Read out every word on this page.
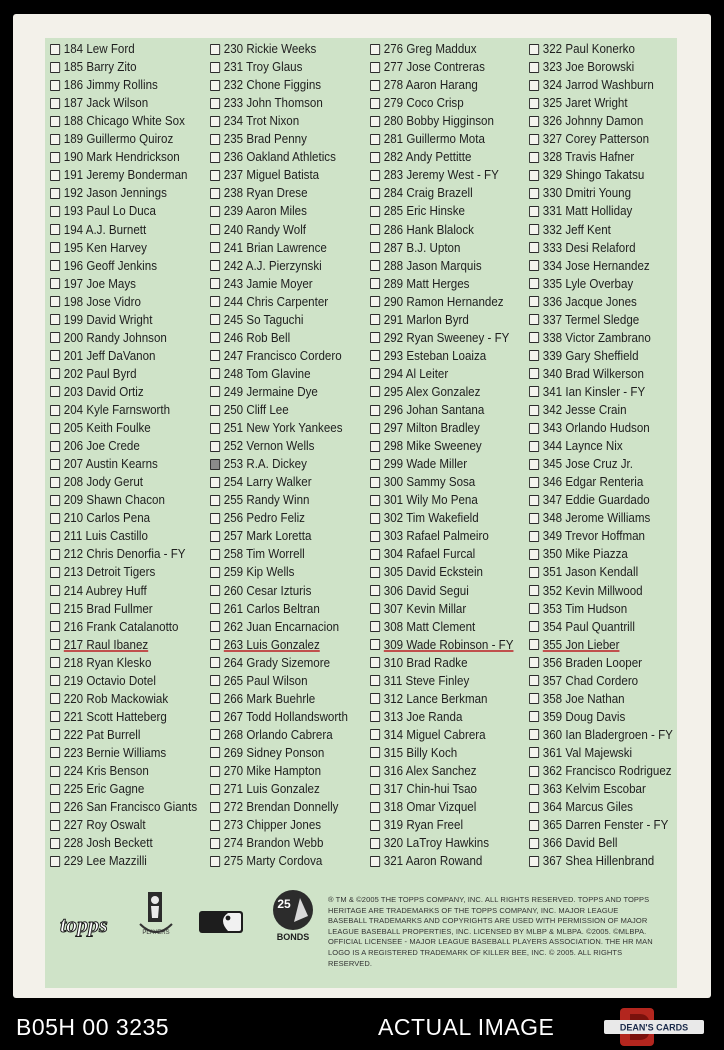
184 Lew Ford
185 Barry Zito
186 Jimmy Rollins
187 Jack Wilson
188 Chicago White Sox
189 Guillermo Quiroz
190 Mark Hendrickson
191 Jeremy Bonderman
192 Jason Jennings
193 Paul Lo Duca
194 A.J. Burnett
195 Ken Harvey
196 Geoff Jenkins
197 Joe Mays
198 Jose Vidro
199 David Wright
200 Randy Johnson
201 Jeff DaVanon
202 Paul Byrd
203 David Ortiz
204 Kyle Farnsworth
205 Keith Foulke
206 Joe Crede
207 Austin Kearns
208 Jody Gerut
209 Shawn Chacon
210 Carlos Pena
211 Luis Castillo
212 Chris Denorfia - FY
213 Detroit Tigers
214 Aubrey Huff
215 Brad Fullmer
216 Frank Catalanotto
217 Raul Ibanez
218 Ryan Klesko
219 Octavio Dotel
220 Rob Mackowiak
221 Scott Hatteberg
222 Pat Burrell
223 Bernie Williams
224 Kris Benson
225 Eric Gagne
226 San Francisco Giants
227 Roy Oswalt
228 Josh Beckett
229 Lee Mazzilli
230 Rickie Weeks
231 Troy Glaus
232 Chone Figgins
233 John Thomson
234 Trot Nixon
235 Brad Penny
236 Oakland Athletics
237 Miguel Batista
238 Ryan Drese
239 Aaron Miles
240 Randy Wolf
241 Brian Lawrence
242 A.J. Pierzynski
243 Jamie Moyer
244 Chris Carpenter
245 So Taguchi
246 Rob Bell
247 Francisco Cordero
248 Tom Glavine
249 Jermaine Dye
250 Cliff Lee
251 New York Yankees
252 Vernon Wells
253 R.A. Dickey
254 Larry Walker
255 Randy Winn
256 Pedro Feliz
257 Mark Loretta
258 Tim Worrell
259 Kip Wells
260 Cesar Izturis
261 Carlos Beltran
262 Juan Encarnacion
263 Luis Gonzalez
264 Grady Sizemore
265 Paul Wilson
266 Mark Buehrle
267 Todd Hollandsworth
268 Orlando Cabrera
269 Sidney Ponson
270 Mike Hampton
271 Luis Gonzalez
272 Brendan Donnelly
273 Chipper Jones
274 Brandon Webb
275 Marty Cordova
276 Greg Maddux
277 Jose Contreras
278 Aaron Harang
279 Coco Crisp
280 Bobby Higginson
281 Guillermo Mota
282 Andy Pettitte
283 Jeremy West - FY
284 Craig Brazell
285 Eric Hinske
286 Hank Blalock
287 B.J. Upton
288 Jason Marquis
289 Matt Herges
290 Ramon Hernandez
291 Marlon Byrd
292 Ryan Sweeney - FY
293 Esteban Loaiza
294 Al Leiter
295 Alex Gonzalez
296 Johan Santana
297 Milton Bradley
298 Mike Sweeney
299 Wade Miller
300 Sammy Sosa
301 Wily Mo Pena
302 Tim Wakefield
303 Rafael Palmeiro
304 Rafael Furcal
305 David Eckstein
306 David Segui
307 Kevin Millar
308 Matt Clement
309 Wade Robinson - FY
310 Brad Radke
311 Steve Finley
312 Lance Berkman
313 Joe Randa
314 Miguel Cabrera
315 Billy Koch
316 Alex Sanchez
317 Chin-hui Tsao
318 Omar Vizquel
319 Ryan Freel
320 LaTroy Hawkins
321 Aaron Rowand
322 Paul Konerko
323 Joe Borowski
324 Jarrod Washburn
325 Jaret Wright
326 Johnny Damon
327 Corey Patterson
328 Travis Hafner
329 Shingo Takatsu
330 Dmitri Young
331 Matt Holliday
332 Jeff Kent
333 Desi Relaford
334 Jose Hernandez
335 Lyle Overbay
336 Jacque Jones
337 Termel Sledge
338 Victor Zambrano
339 Gary Sheffield
340 Brad Wilkerson
341 Ian Kinsler - FY
342 Jesse Crain
343 Orlando Hudson
344 Laynce Nix
345 Jose Cruz Jr.
346 Edgar Renteria
347 Eddie Guardado
348 Jerome Williams
349 Trevor Hoffman
350 Mike Piazza
351 Jason Kendall
352 Kevin Millwood
353 Tim Hudson
354 Paul Quantrill
355 Jon Lieber
356 Braden Looper
357 Chad Cordero
358 Joe Nathan
359 Doug Davis
360 Ian Bladergroen - FY
361 Val Majewski
362 Francisco Rodriguez
363 Kelvim Escobar
364 Marcus Giles
365 Darren Fenster - FY
366 David Bell
367 Shea Hillenbrand
topps	PLAYERS
25
BONDS
® TM & ©2005 THE TOPPS COMPANY, INC. ALL RIGHTS RESERVED. TOPPS AND TOPPS HERITAGE ARE TRADEMARKS OF THE TOPPS COMPANY, INC. MAJOR LEAGUE BASEBALL TRADEMARKS AND COPYRIGHTS ARE USED WITH PERMISSION OF MAJOR LEAGUE BASEBALL PROPERTIES, INC. LICENSED BY MLBP & MLBPA. ©2005. ©MLBPA. OFFICIAL LICENSEE - MAJOR LEAGUE BASEBALL PLAYERS ASSOCIATION. THE HR MAN LOGO IS A REGISTERED TRADEMARK OF KILLER BEE, INC. © 2005. ALL RIGHTS RESERVED.
B05H 00 3235	ACTUAL IMAGE	DEAN'S CARDS
